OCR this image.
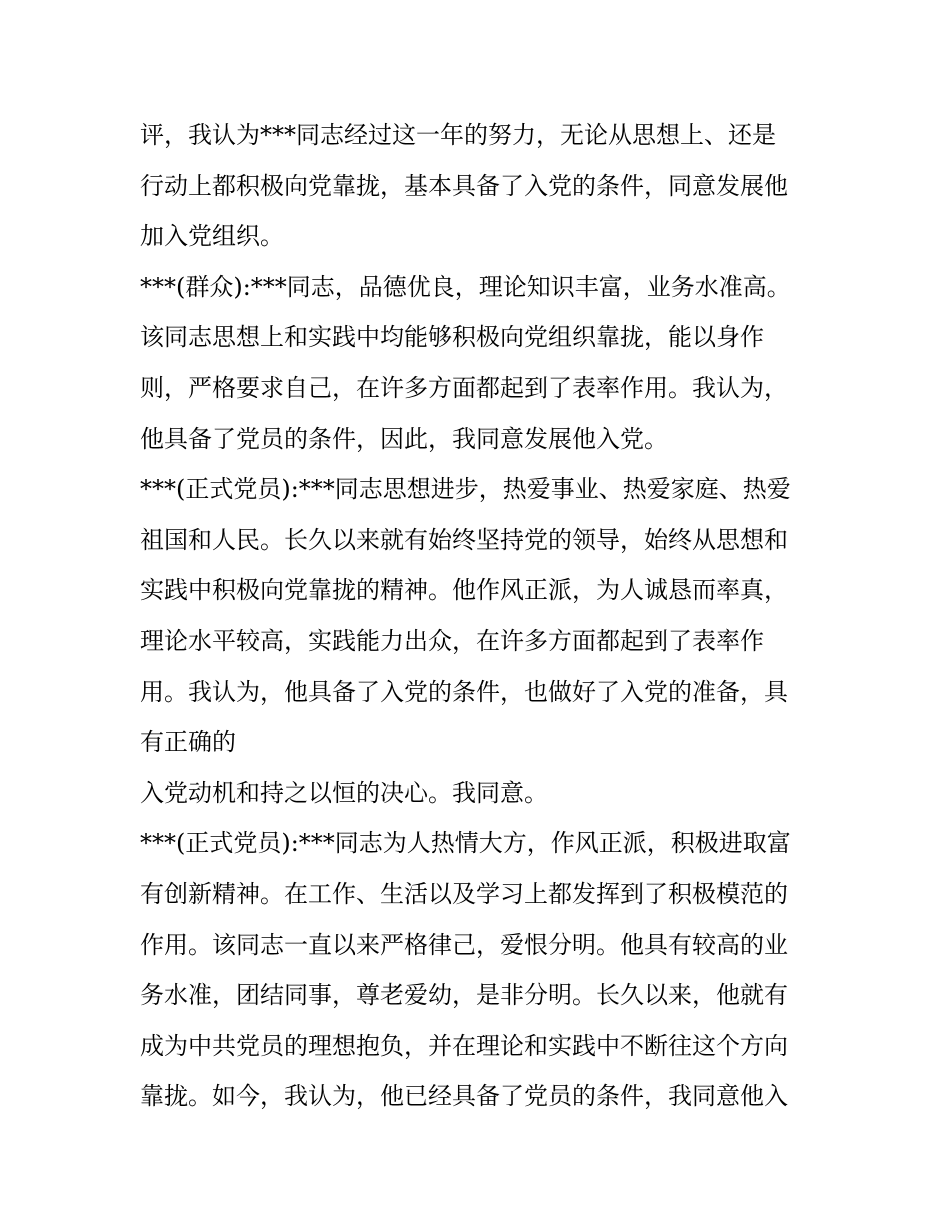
评，我认为***同志经过这一年的努力，无论从思想上、还是
行动上都积极向党靠拢，基本具备了入党的条件，同意发展他
加入党组织。
***(群众):***同志，品德优良，理论知识丰富，业务水准高。
该同志思想上和实践中均能够积极向党组织靠拢，能以身作
则，严格要求自己，在许多方面都起到了表率作用。我认为，
他具备了党员的条件，因此，我同意发展他入党。
***(正式党员):***同志思想进步，热爱事业、热爱家庭、热爱
祖国和人民。长久以来就有始终坚持党的领导，始终从思想和
实践中积极向党靠拢的精神。他作风正派，为人诚恳而率真，
理论水平较高，实践能力出众，在许多方面都起到了表率作
用。我认为，他具备了入党的条件，也做好了入党的准备，具
有正确的
入党动机和持之以恒的决心。我同意。
***(正式党员):***同志为人热情大方，作风正派，积极进取富
有创新精神。在工作、生活以及学习上都发挥到了积极模范的
作用。该同志一直以来严格律己，爱恨分明。他具有较高的业
务水准，团结同事，尊老爱幼，是非分明。长久以来，他就有
成为中共党员的理想抱负，并在理论和实践中不断往这个方向
靠拢。如今，我认为，他已经具备了党员的条件，我同意他入
